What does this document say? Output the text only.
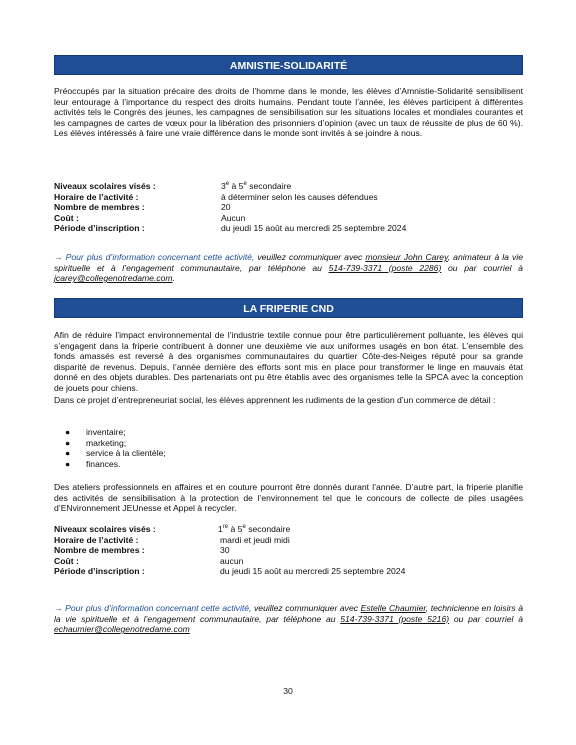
AMNISTIE-SOLIDARITÉ

Préoccupés par la situation précaire des droits de l’homme dans le monde, les élèves d’Amnistie-Solidarité sensibilisent leur entourage à l’importance du respect des droits humains. Pendant toute l’année, les élèves participent à différentes activités tels le Congrès des jeunes, les campagnes de sensibilisation sur les situations locales et mondiales courantes et les campagnes de cartes de vœux pour la libération des prisonniers d’opinion (avec un taux de réussite de plus de 60 %). Les élèves intéressés à faire une vraie différence dans le monde sont invités à se joindre à nous.

Niveaux scolaires visés :	3e à 5e secondaire
Horaire de l’activité :	à déterminer selon les causes défendues
Nombre de membres :	20
Coût :	Aucun
Période d’inscription :	du jeudi 15 août au mercredi 25 septembre 2024

→ Pour plus d’information concernant cette activité, veuillez communiquer avec monsieur John Carey, animateur à la vie spirituelle et à l’engagement communautaire, par téléphone au 514-739-3371 (poste 2286) ou par courriel à jcarey@collegenotredame.com.

LA FRIPERIE CND

Afin de réduire l’impact environnemental de l’industrie textile connue pour être particulièrement polluante, les élèves qui s’engagent dans la friperie contribuent à donner une deuxième vie aux uniformes usagés en bon état. L’ensemble des fonds amassés est reversé à des organismes communautaires du quartier Côte-des-Neiges réputé pour sa grande disparité de revenus. Depuis, l’année dernière des efforts sont mis en place pour transformer le linge en mauvais état donné en des objets durables. Des partenariats ont pu être établis avec des organismes telle la SPCA avec la conception de jouets pour chiens.

Dans ce projet d’entrepreneuriat social, les élèves apprennent les rudiments de la gestion d’un commerce de détail :

● inventaire;
● marketing;
● service à la clientèle;
● finances.

Des ateliers professionnels en affaires et en couture pourront être donnés durant l’année. D’autre part, la friperie planifie des activités de sensibilisation à la protection de l’environnement tel que le concours de collecte de piles usagées d’ENvironnement JEUnesse et Appel à recycler.

Niveaux scolaires visés :	1re à 5e secondaire
Horaire de l’activité :	mardi et jeudi midi
Nombre de membres :	30
Coût :	aucun
Période d’inscription :	du jeudi 15 août au mercredi 25 septembre 2024

→ Pour plus d’information concernant cette activité, veuillez communiquer avec Estelle Chaumier, technicienne en loisirs à la vie spirituelle et à l’engagement communautaire, par téléphone au 514-739-3371 (poste 5216) ou par courriel à echaumier@collegenotredame.com

30
